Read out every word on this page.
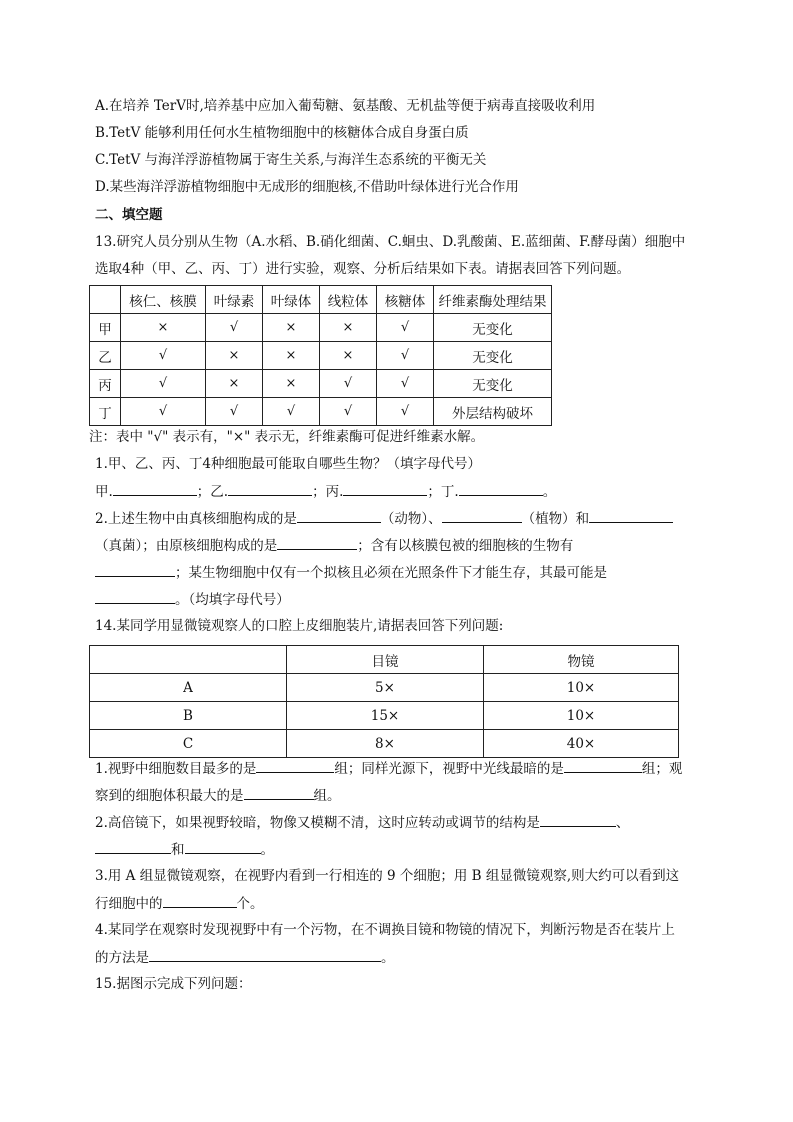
A.在培养 TerV时,培养基中应加入葡萄糖、氨基酸、无机盐等便于病毒直接吸收利用
B.TetV 能够利用任何水生植物细胞中的核糖体合成自身蛋白质
C.TetV 与海洋浮游植物属于寄生关系,与海洋生态系统的平衡无关
D.某些海洋浮游植物细胞中无成形的细胞核,不借助叶绿体进行光合作用
二、填空题
13.研究人员分别从生物（A.水稻、B.硝化细菌、C.蛔虫、D.乳酸菌、E.蓝细菌、F.酵母菌）细胞中
选取4种（甲、乙、丙、丁）进行实验，观察、分析后结果如下表。请据表回答下列问题。
	核仁、核膜	叶绿素	叶绿体	线粒体	核糖体	纤维素酶处理结果
甲	×	√	×	×	√	无变化
乙	√	×	×	×	√	无变化
丙	√	×	×	√	√	无变化
丁	√	√	√	√	√	外层结构破坏
注：表中 "√" 表示有，"×" 表示无，纤维素酶可促进纤维素水解。
1.甲、乙、丙、丁4种细胞最可能取自哪些生物？（填字母代号）
甲.	；乙.	；丙.	；丁.	。
2.上述生物中由真核细胞构成的是	（动物）、	（植物）和
（真菌）；由原核细胞构成的是	；含有以核膜包被的细胞核的生物有
；某生物细胞中仅有一个拟核且必须在光照条件下才能生存，其最可能是
。（均填字母代号）
14.某同学用显微镜观察人的口腔上皮细胞装片,请据表回答下列问题:
	目镜	物镜
A	5×	10×
B	15×	10×
C	8×	40×
1.视野中细胞数目最多的是	组；同样光源下，视野中光线最暗的是	组；观
察到的细胞体积最大的是	组。
2.高倍镜下，如果视野较暗，物像又模糊不清，这时应转动或调节的结构是	、
和	。
3.用 A 组显微镜观察，在视野内看到一行相连的 9 个细胞；用 B 组显微镜观察,则大约可以看到这
行细胞中的	个。
4.某同学在观察时发现视野中有一个污物，在不调换目镜和物镜的情况下，判断污物是否在装片上
的方法是	。
15.据图示完成下列问题：
